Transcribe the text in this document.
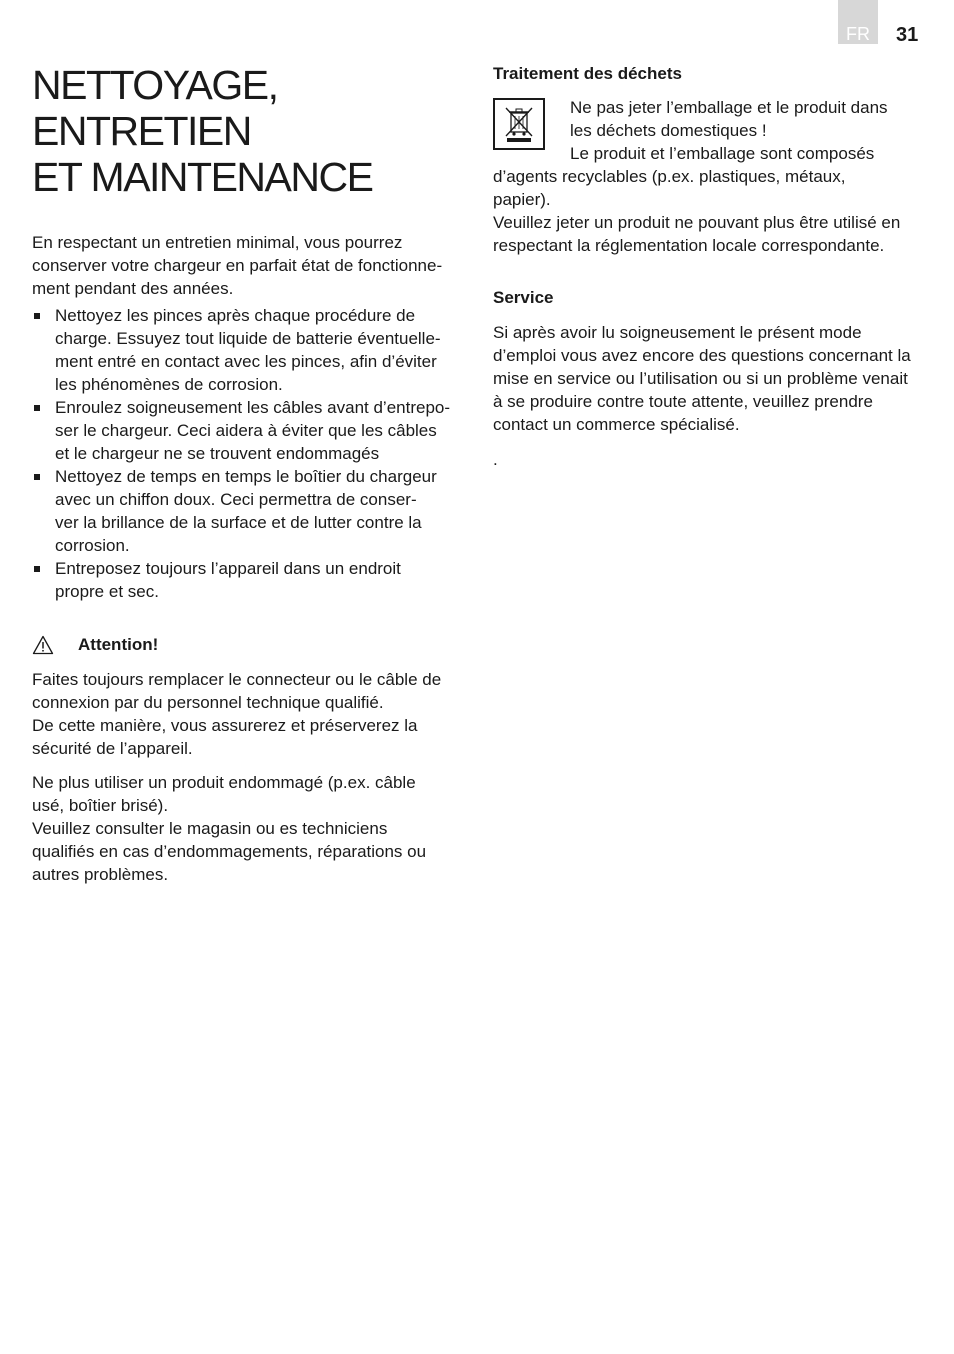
FR 31
NETTOYAGE, ENTRETIEN
ET MAINTENANCE

En respectant un entretien minimal, vous pourrez
conserver votre chargeur en parfait état de fonctionne-
ment pendant des années.

Nettoyez les pinces après chaque procédure de
charge. Essuyez tout liquide de batterie éventuelle-
ment entré en contact avec les pinces, afin d’éviter
les phénomènes de corrosion.
Enroulez soigneusement les câbles avant d’entrepo-
ser le chargeur. Ceci aidera à éviter que les câbles
et le chargeur ne se trouvent endommagés
Nettoyez de temps en temps le boîtier du chargeur
avec un chiffon doux. Ceci permettra de conser-
ver la brillance de la surface et de lutter contre la
corrosion.
Entreposez toujours l’appareil dans un endroit
propre et sec.
Attention!

Faites toujours remplacer le connecteur ou le câble de
connexion par du personnel technique qualifié.
De cette manière, vous assurerez et préserverez la
sécurité de l’appareil.

Ne plus utiliser un produit endommagé (p.ex. câble
usé, boîtier brisé).
Veuillez consulter le magasin ou es techniciens
qualifiés en cas d’endommagements, réparations ou
autres problèmes.

Traitement des déchets

Ne pas jeter l’emballage et le produit dans
les déchets domestiques !
Le produit et l’emballage sont composés

d’agents recyclables (p.ex. plastiques, métaux,
papier).
Veuillez jeter un produit ne pouvant plus être utilisé en
respectant la réglementation locale correspondante.

Service

Si après avoir lu soigneusement le présent mode
d’emploi vous avez encore des questions concernant la
mise en service ou l’utilisation ou si un problème venait
à se produire contre toute attente, veuillez prendre
contact un commerce spécialisé.

.
